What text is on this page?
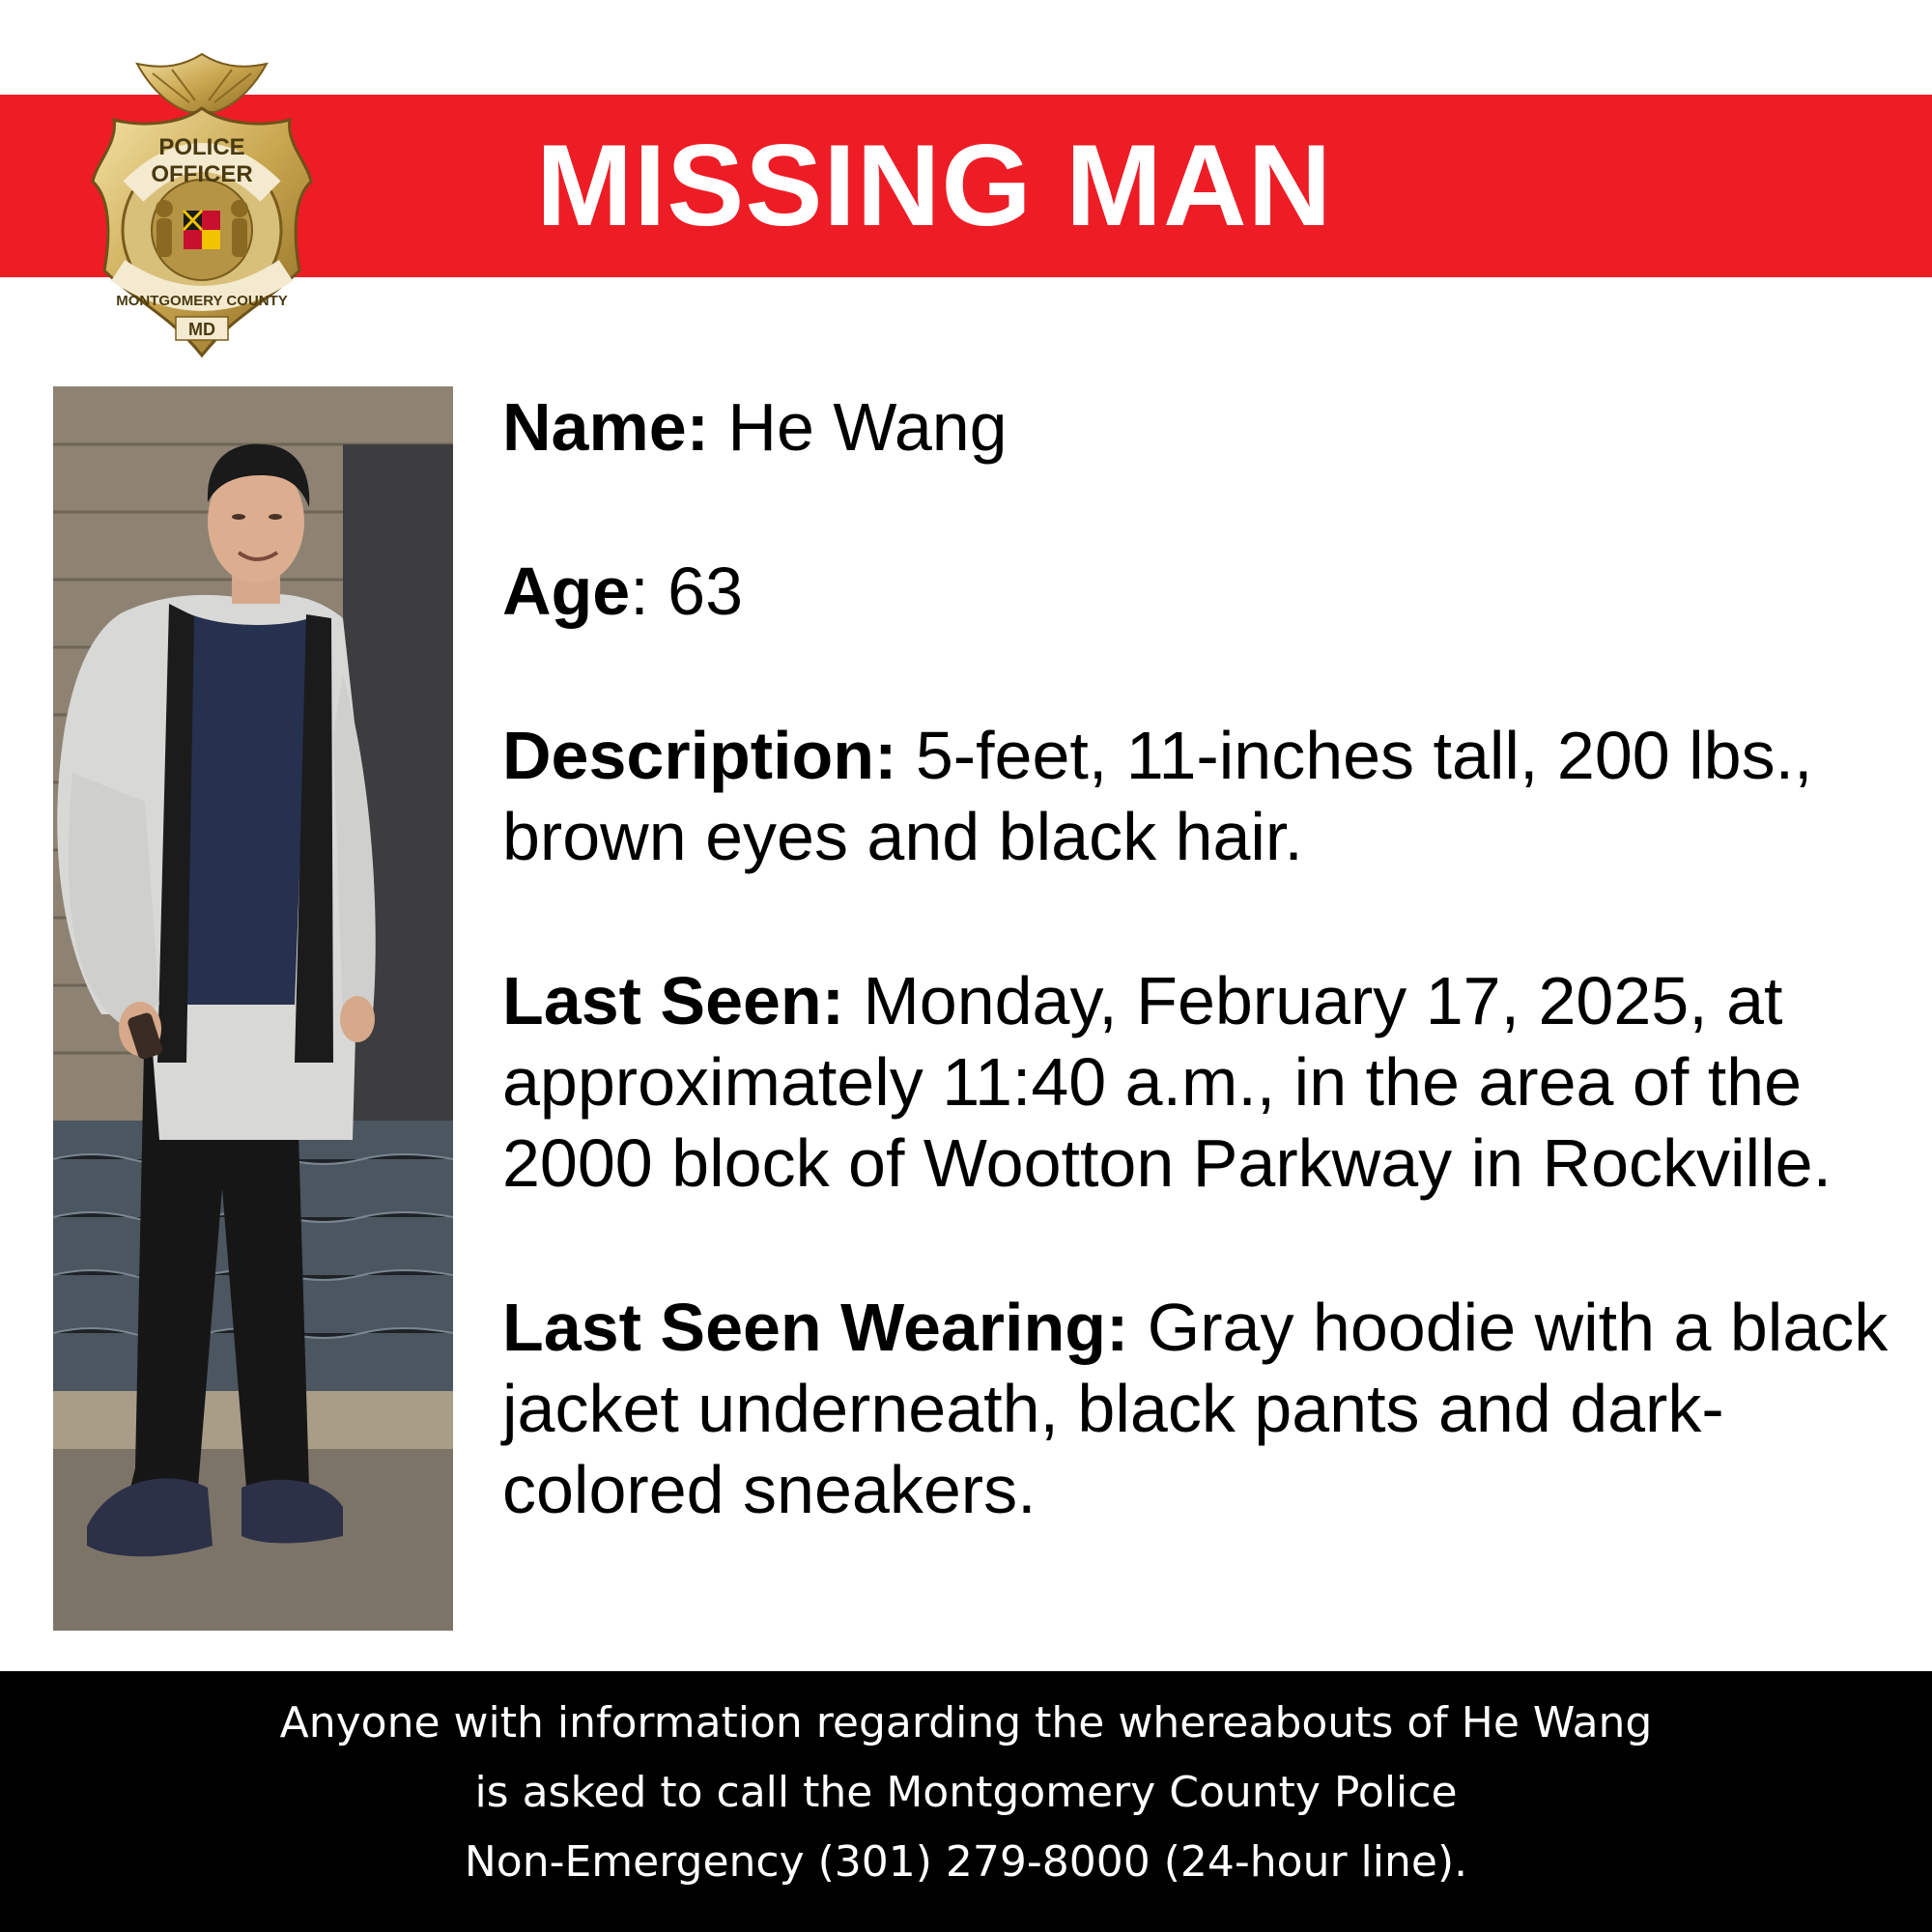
MISSING MAN
POLICE
OFFICER
MONTGOMERY COUNTY
MD
Name: He Wang
Age: 63
Description: 5-feet, 11-inches tall, 200 lbs., brown eyes and black hair.
Last Seen: Monday, February 17, 2025, at approximately 11:40 a.m., in the area of the 2000 block of Wootton Parkway in Rockville.
Last Seen Wearing: Gray hoodie with a black jacket underneath, black pants and dark-colored sneakers.

Anyone with information regarding the whereabouts of He Wang
is asked to call the Montgomery County Police
Non-Emergency (301) 279-8000 (24-hour line).
